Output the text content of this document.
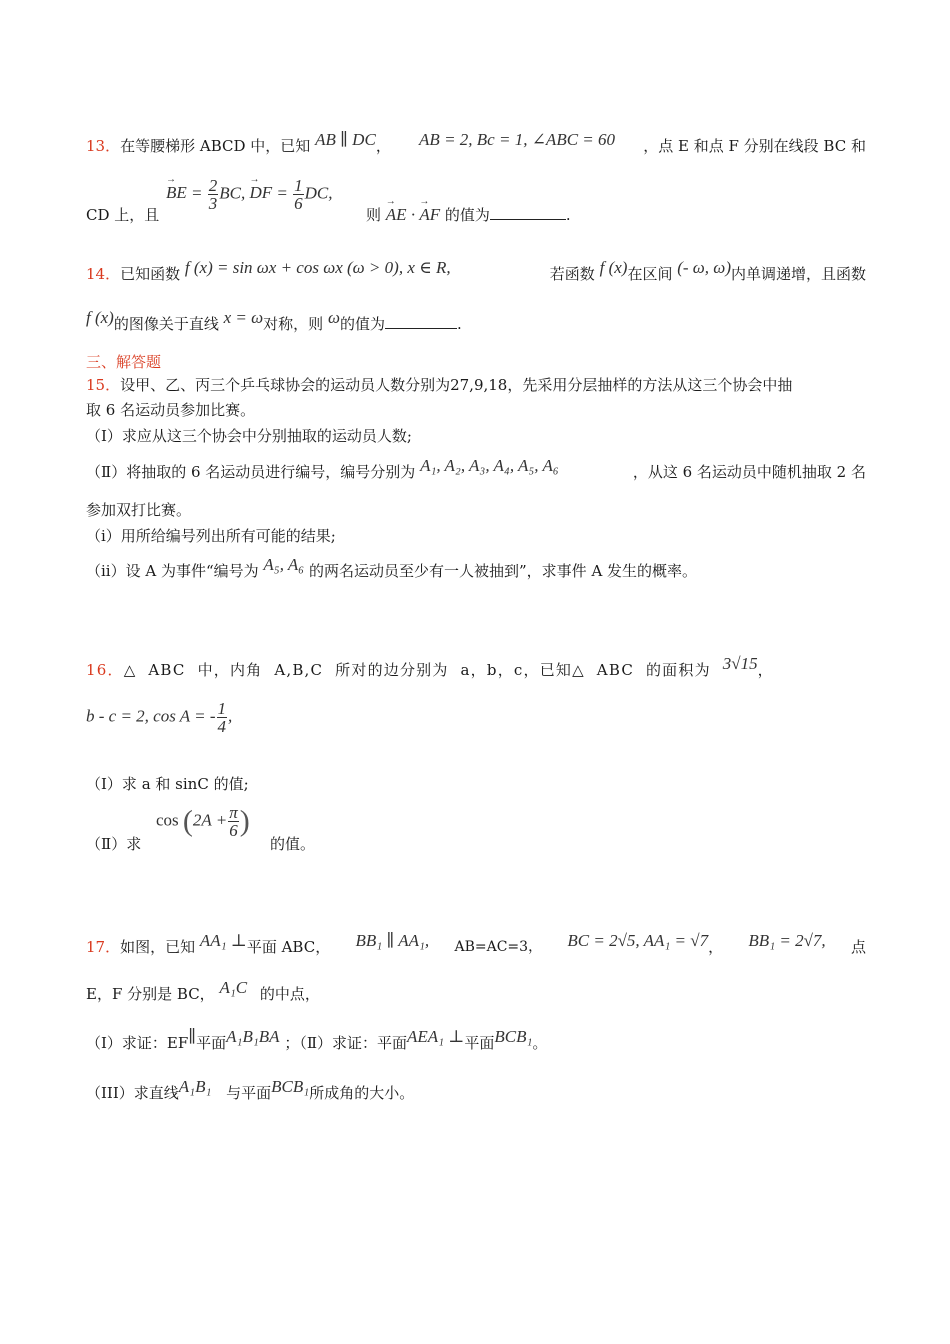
13．在等腰梯形 ABCD 中，已知 AB ∥ DC， AB = 2, Bc = 1, ∠ABC = 60 ，点 E 和点 F 分别在线段 BC 和
CD 上，且
→ BE = $\frac{2}{3}$ BC, → DF = $\frac{1}{6}$ DC,
则 → AE · → AF 的值为	.
14．已知函数 f (x) = sin ωx + cos ωx (ω > 0), x ∈ R,	若函数 f (x)在区间 (- ω, ω)内单调递增，且函数
f (x)的图像关于直线 x = ω对称，则 ω的值为	.
三、解答题
15．设甲、乙、丙三个乒乓球协会的运动员人数分别为27,9,18，先采用分层抽样的方法从这三个协会中抽
取 6 名运动员参加比赛。
（Ⅰ）求应从这三个协会中分别抽取的运动员人数;
（Ⅱ）将抽取的 6 名运动员进行编号，编号分别为 A₁, A₂, A₃, A₄, A₅, A₆	，从这 6 名运动员中随机抽取 2 名
参加双打比赛。
（i）用所给编号列出所有可能的结果;
（ii）设 A 为事件“编号为 A₅, A₆ 的两名运动员至少有一人被抽到”，求事件 A 发生的概率。
16．△ ABC 中，内角 A,B,C 所对的边分别为 a，b，c，已知△ ABC 的面积为 3√15，
b - c = 2, cos A = - $\frac{1}{4}$ ,
（Ⅰ）求 a 和 sinC 的值;
（Ⅱ）求
$\cos (2A + \frac{\pi}{6}$ )
的值。
17．如图，已知 AA₁ ⊥平面 ABC， BB₁ ∥ AA₁, AB=AC=3， BC = 2√5, AA₁ = √7， BB₁ = 2√7, 点
E，F 分别是 BC， A₁C 的中点，
（Ⅰ）求证：EF∥平面A₁B₁BA ；（Ⅱ）求证：平面AEA₁ ⊥平面BCB₁。
（III）求直线A₁B₁ 与平面BCB₁所成角的大小。
